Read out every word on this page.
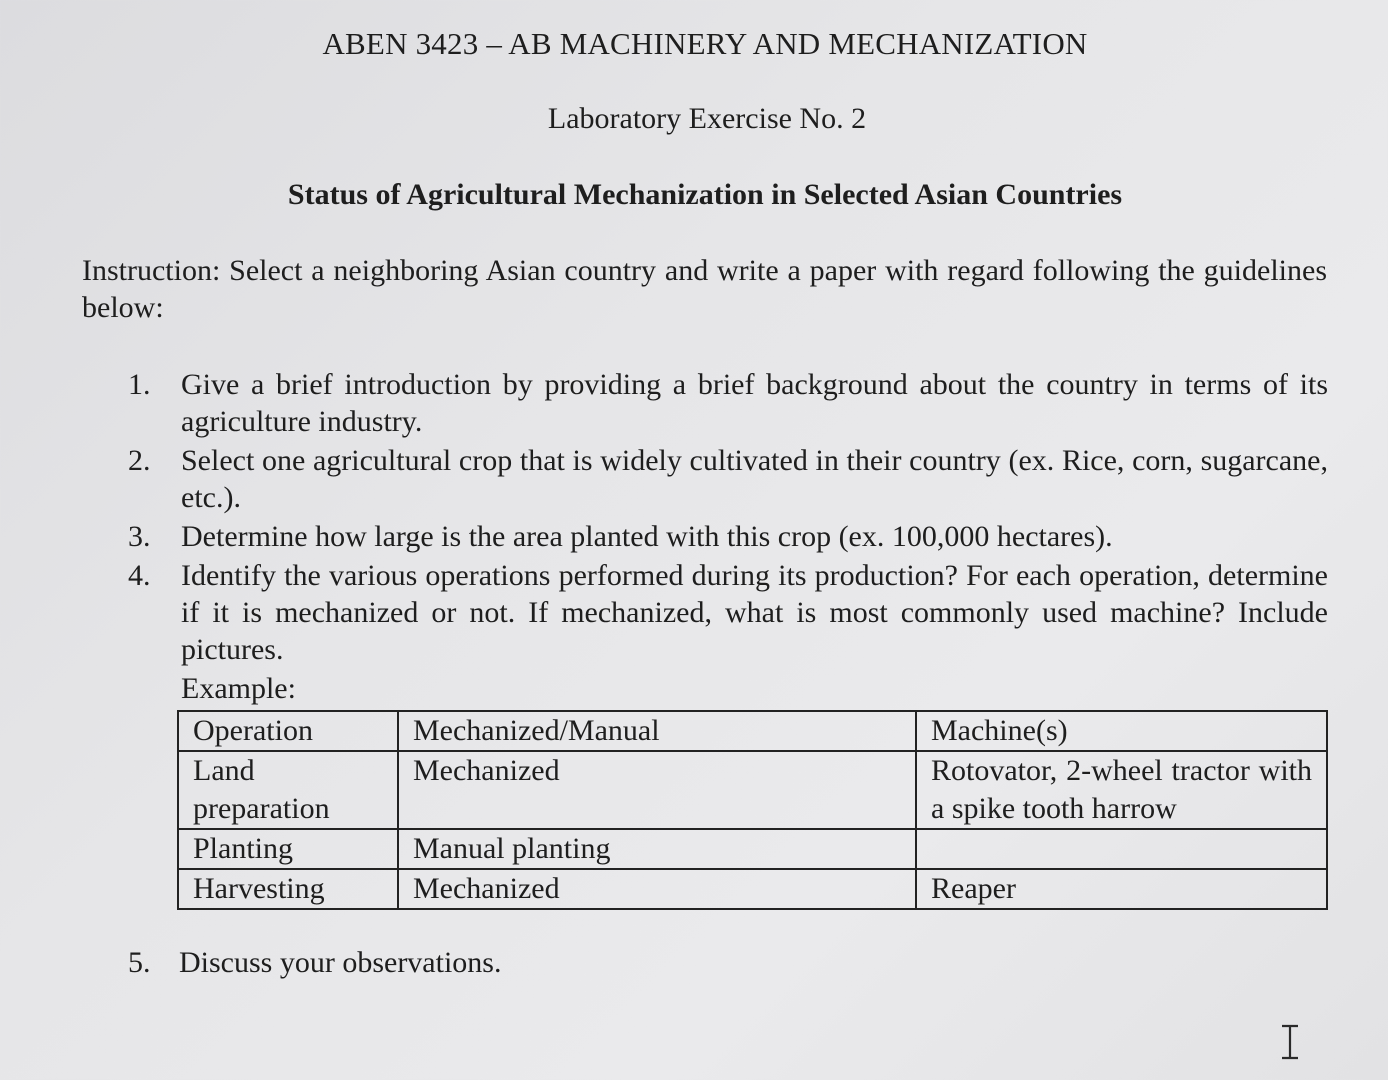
ABEN 3423 – AB MACHINERY AND MECHANIZATION
Laboratory Exercise No. 2
Status of Agricultural Mechanization in Selected Asian Countries
Instruction: Select a neighboring Asian country and write a paper with regard following the guidelines below:
1.	Give a brief introduction by providing a brief background about the country in terms of its agriculture industry.
2.	Select one agricultural crop that is widely cultivated in their country (ex. Rice, corn, sugarcane, etc.).
3.	Determine how large is the area planted with this crop (ex. 100,000 hectares).
4.	Identify the various operations performed during its production? For each operation, determine if it is mechanized or not. If mechanized, what is most commonly used machine? Include pictures.
Example:
Operation	Mechanized/Manual	Machine(s)
Land preparation	Mechanized	Rotovator, 2-wheel tractor with a spike tooth harrow
Planting	Manual planting	
Harvesting	Mechanized	Reaper
5. Discuss your observations.
